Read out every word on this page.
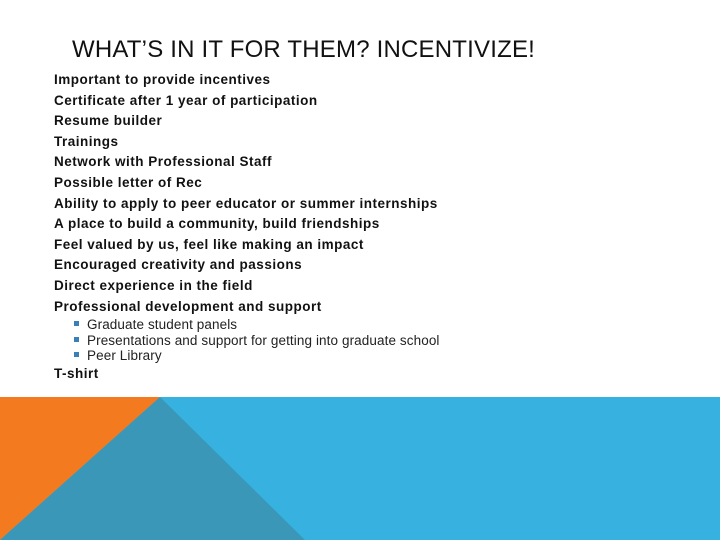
WHAT’S IN IT FOR THEM? INCENTIVIZE!
Important to provide incentives
Certificate after 1 year of participation
Resume builder
Trainings
Network with Professional Staff
Possible letter of Rec
Ability to apply to peer educator or summer internships
A place to build a community, build friendships
Feel valued by us, feel like making an impact
Encouraged creativity and passions
Direct experience in the field
Professional development and support
Graduate student panels
Presentations and support for getting into graduate school
Peer Library
T-shirt
